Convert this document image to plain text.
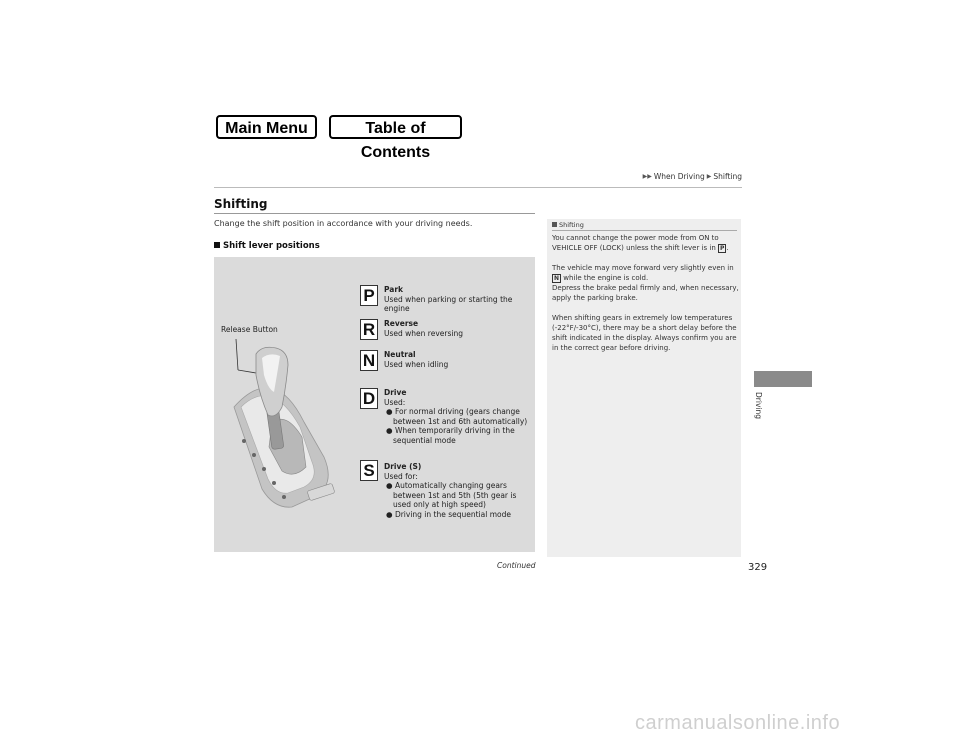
Main Menu	Table of Contents
▶▶ When Driving ▶ Shifting
Shifting
Change the shift position in accordance with your driving needs.
Shift lever positions
Release Button
P	Park
Used when parking or starting the engine
R	Reverse
Used when reversing
N	Neutral
Used when idling
D	Drive
Used:
● For normal driving (gears change between 1st and 6th automatically)
● When temporarily driving in the sequential mode
S	Drive (S)
Used for:
● Automatically changing gears between 1st and 5th (5th gear is used only at high speed)
● Driving in the sequential mode
Shifting

You cannot change the power mode from ON to VEHICLE OFF (LOCK) unless the shift lever is in P .

The vehicle may move forward very slightly even in
N while the engine is cold.
Depress the brake pedal firmly and, when necessary, apply the parking brake.

When shifting gears in extremely low temperatures (-22°F/-30°C), there may be a short delay before the shift indicated in the display. Always confirm you are in the correct gear before driving.

Driving
Continued	329
carmanualsonline.info
